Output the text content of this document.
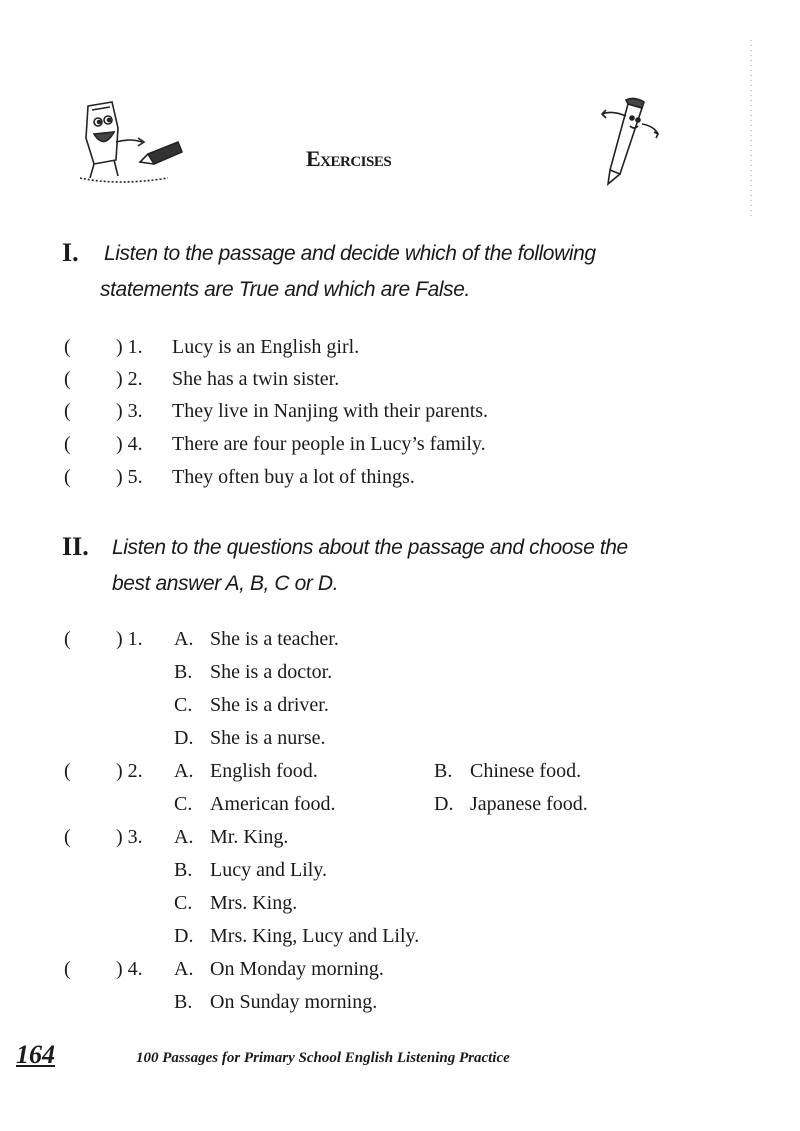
Exercises
I. Listen to the passage and decide which of the following
statements are True and which are False.
( ) 1. Lucy is an English girl.
( ) 2. She has a twin sister.
( ) 3. They live in Nanjing with their parents.
( ) 4. There are four people in Lucy’s family.
( ) 5. They often buy a lot of things.
II. Listen to the questions about the passage and choose the
best answer A, B, C or D.
( ) 1. A. She is a teacher.
B. She is a doctor.
C. She is a driver.
D. She is a nurse.
( ) 2. A. English food.	B. Chinese food.
C. American food.	D. Japanese food.
( ) 3. A. Mr. King.
B. Lucy and Lily.
C. Mrs. King.
D. Mrs. King, Lucy and Lily.
( ) 4. A. On Monday morning.
B. On Sunday morning.
164	100 Passages for Primary School English Listening Practice
